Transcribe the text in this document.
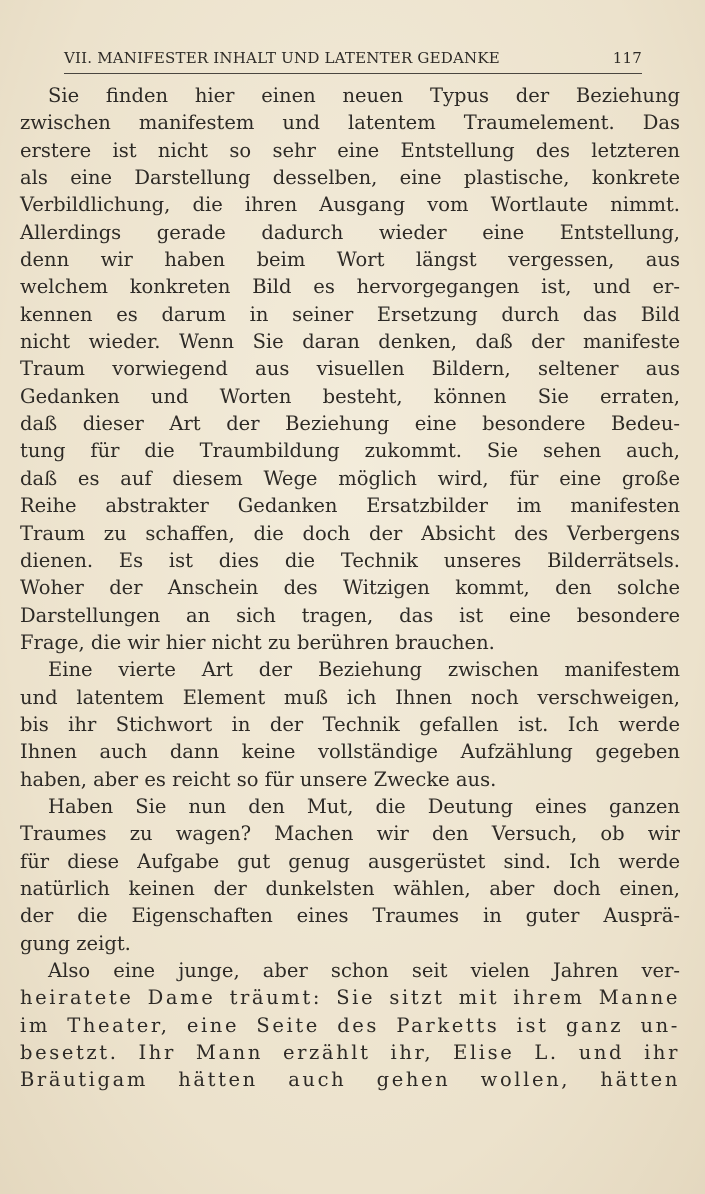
VII. MANIFESTER INHALT UND LATENTER GEDANKE	117
Sie finden hier einen neuen Typus der Beziehung
zwischen manifestem und latentem Traumelement. Das
erstere ist nicht so sehr eine Entstellung des letzteren
als eine Darstellung desselben, eine plastische, konkrete
Verbildlichung, die ihren Ausgang vom Wortlaute nimmt.
Allerdings gerade dadurch wieder eine Entstellung,
denn wir haben beim Wort längst vergessen, aus
welchem konkreten Bild es hervorgegangen ist, und er-
kennen es darum in seiner Ersetzung durch das Bild
nicht wieder. Wenn Sie daran denken, daß der manifeste
Traum vorwiegend aus visuellen Bildern, seltener aus
Gedanken und Worten besteht, können Sie erraten,
daß dieser Art der Beziehung eine besondere Bedeu-
tung für die Traumbildung zukommt. Sie sehen auch,
daß es auf diesem Wege möglich wird, für eine große
Reihe abstrakter Gedanken Ersatzbilder im manifesten
Traum zu schaffen, die doch der Absicht des Verbergens
dienen. Es ist dies die Technik unseres Bilderrätsels.
Woher der Anschein des Witzigen kommt, den solche
Darstellungen an sich tragen, das ist eine besondere
Frage, die wir hier nicht zu berühren brauchen.
Eine vierte Art der Beziehung zwischen manifestem
und latentem Element muß ich Ihnen noch verschweigen,
bis ihr Stichwort in der Technik gefallen ist. Ich werde
Ihnen auch dann keine vollständige Aufzählung gegeben
haben, aber es reicht so für unsere Zwecke aus.
Haben Sie nun den Mut, die Deutung eines ganzen
Traumes zu wagen? Machen wir den Versuch, ob wir
für diese Aufgabe gut genug ausgerüstet sind. Ich werde
natürlich keinen der dunkelsten wählen, aber doch einen,
der die Eigenschaften eines Traumes in guter Ausprä-
gung zeigt.
Also eine junge, aber schon seit vielen Jahren ver-
heiratete Dame träumt: Sie sitzt mit ihrem Manne
im Theater, eine Seite des Parketts ist ganz un-
besetzt. Ihr Mann erzählt ihr, Elise L. und ihr
Bräutigam hätten auch gehen wollen, hätten
